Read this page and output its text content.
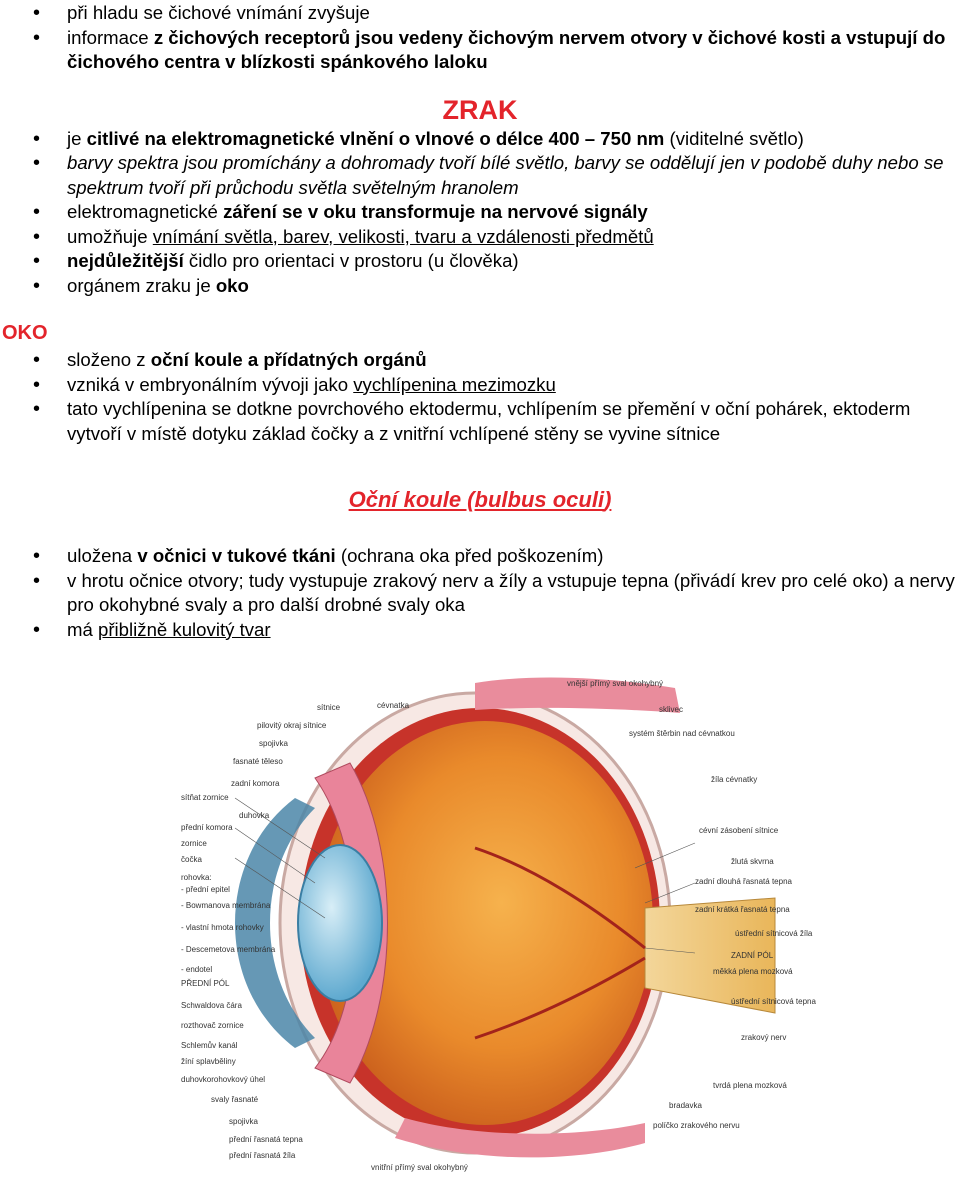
• při hladu se čichové vnímání zvyšuje
• informace z čichových receptorů jsou vedeny čichovým nervem otvory v čichové kosti a vstupují do čichového centra v blízkosti spánkového laloku
ZRAK
• je citlivé na elektromagnetické vlnění o vlnové o délce 400 – 750 nm (viditelné světlo)
• barvy spektra jsou promíchány a dohromady tvoří bílé světlo, barvy se oddělují jen v podobě duhy nebo se spektrum tvoří při průchodu světla světelným hranolem
• elektromagnetické záření se v oku transformuje na nervové signály
• umožňuje vnímání světla, barev, velikosti, tvaru a vzdálenosti předmětů
• nejdůležitější čidlo pro orientaci v prostoru (u člověka)
• orgánem zraku je oko
OKO
• složeno z oční koule a přídatných orgánů
• vzniká v embryonálním vývoji jako vychlípenina mezimozku
• tato vychlípenina se dotkne povrchového ektodermu, vchlípením se přemění v oční pohárek, ektoderm vytvoří v místě dotyku základ čočky a z vnitřní vchlípené stěny se vyvine sítnice
Oční koule (bulbus oculi)
• uložena v očnici v tukové tkáni (ochrana oka před poškozením)
• v hrotu očnice otvory; tudy vystupuje zrakový nerv a žíly a vstupuje tepna (přivádí krev pro celé oko) a nervy pro okohybné svaly a pro další drobné svaly oka
• má přibližně kulovitý tvar
vnější přímý sval okohybný
sítnice	cévnatka	sklivec
pilovitý okraj sítnice
systém štěrbin nad cévnatkou
spojivka
fasnaté těleso
zadní komora	žíla cévnatky
duhovka
sítňat zornice
přední komora
zornice
čočka
rohovka:
- přední epitel
- Bowmanova membrána
- vlastní hmota rohovky
- Descemetova membrána
- endotel
PŘEDNÍ PÓL
Schwaldova čára
rozthovač zornice
Schlemův kanál
žíní splavběliny
duhovkorohovkový úhel
svaly řasnaté
spojivka
přední řasnatá tepna
přední řasnatá žíla
vnitřní přímý sval okohybný
cévní zásobení sítnice
žlutá skvrna
zadní dlouhá řasnatá tepna
zadní krátká řasnatá tepna
ústřední sítnicová žíla
ZADNÍ PÓL
měkká plena mozková
ústřední sítnicová tepna
zrakový nerv
tvrdá plena mozková
bradavka
políčko zrakového nervu
